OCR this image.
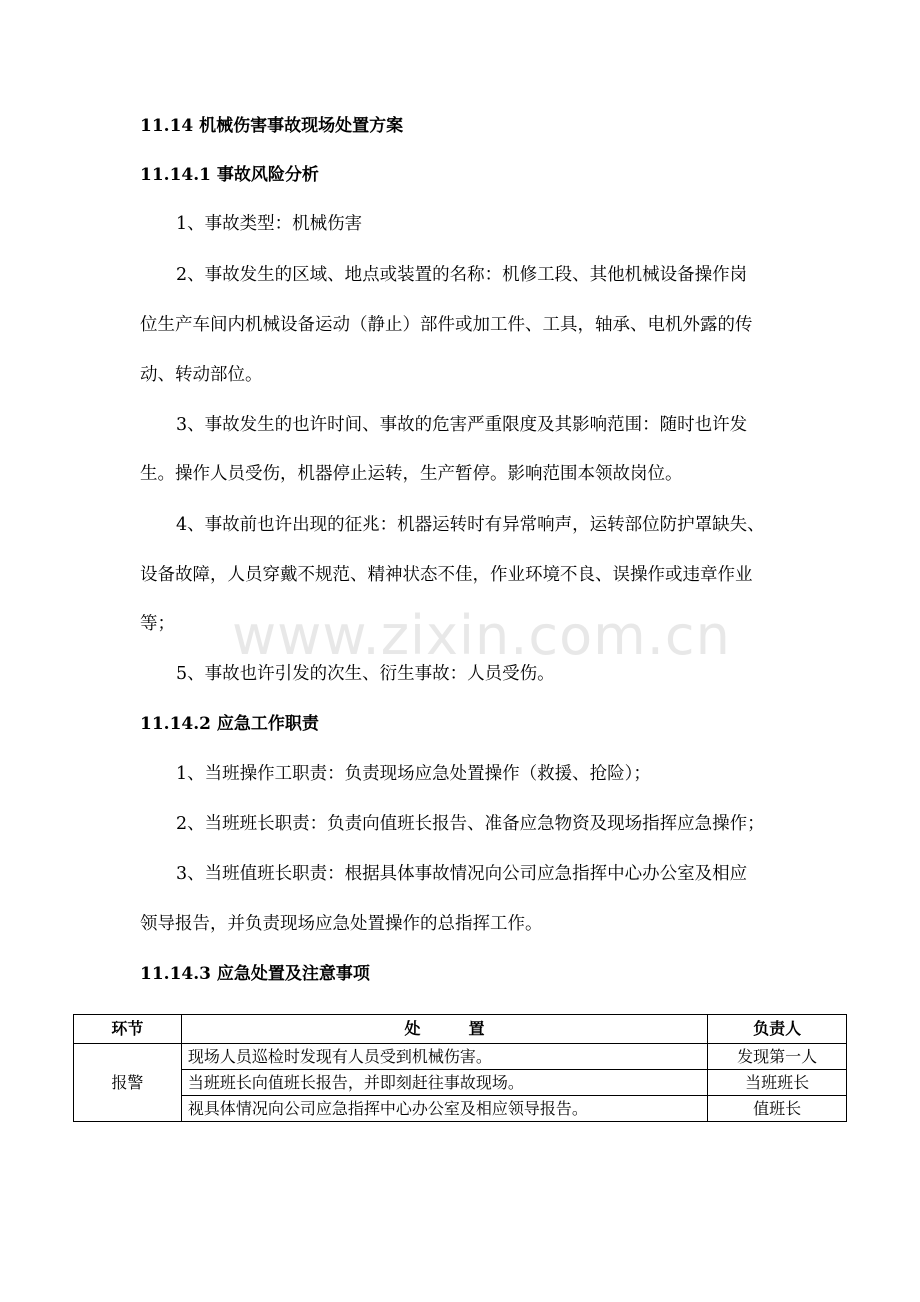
11.14 机械伤害事故现场处置方案
11.14.1 事故风险分析
1、事故类型：机械伤害
2、事故发生的区域、地点或装置的名称：机修工段、其他机械设备操作岗
位生产车间内机械设备运动（静止）部件或加工件、工具，轴承、电机外露的传
动、转动部位。
3、事故发生的也许时间、事故的危害严重限度及其影响范围：随时也许发
生。操作人员受伤，机器停止运转，生产暂停。影响范围本领故岗位。
4、事故前也许出现的征兆：机器运转时有异常响声，运转部位防护罩缺失、
设备故障，人员穿戴不规范、精神状态不佳，作业环境不良、误操作或违章作业
等；
5、事故也许引发的次生、衍生事故：人员受伤。
11.14.2 应急工作职责
1、当班操作工职责：负责现场应急处置操作（救援、抢险）；
2、当班班长职责：负责向值班长报告、准备应急物资及现场指挥应急操作；
3、当班值班长职责：根据具体事故情况向公司应急指挥中心办公室及相应
领导报告，并负责现场应急处置操作的总指挥工作。
11.14.3 应急处置及注意事项
环节	处　　　置	负责人
报警	现场人员巡检时发现有人员受到机械伤害。	发现第一人
	当班班长向值班长报告，并即刻赶往事故现场。	当班班长
	视具体情况向公司应急指挥中心办公室及相应领导报告。	值班长
www.zixin.com.cn
